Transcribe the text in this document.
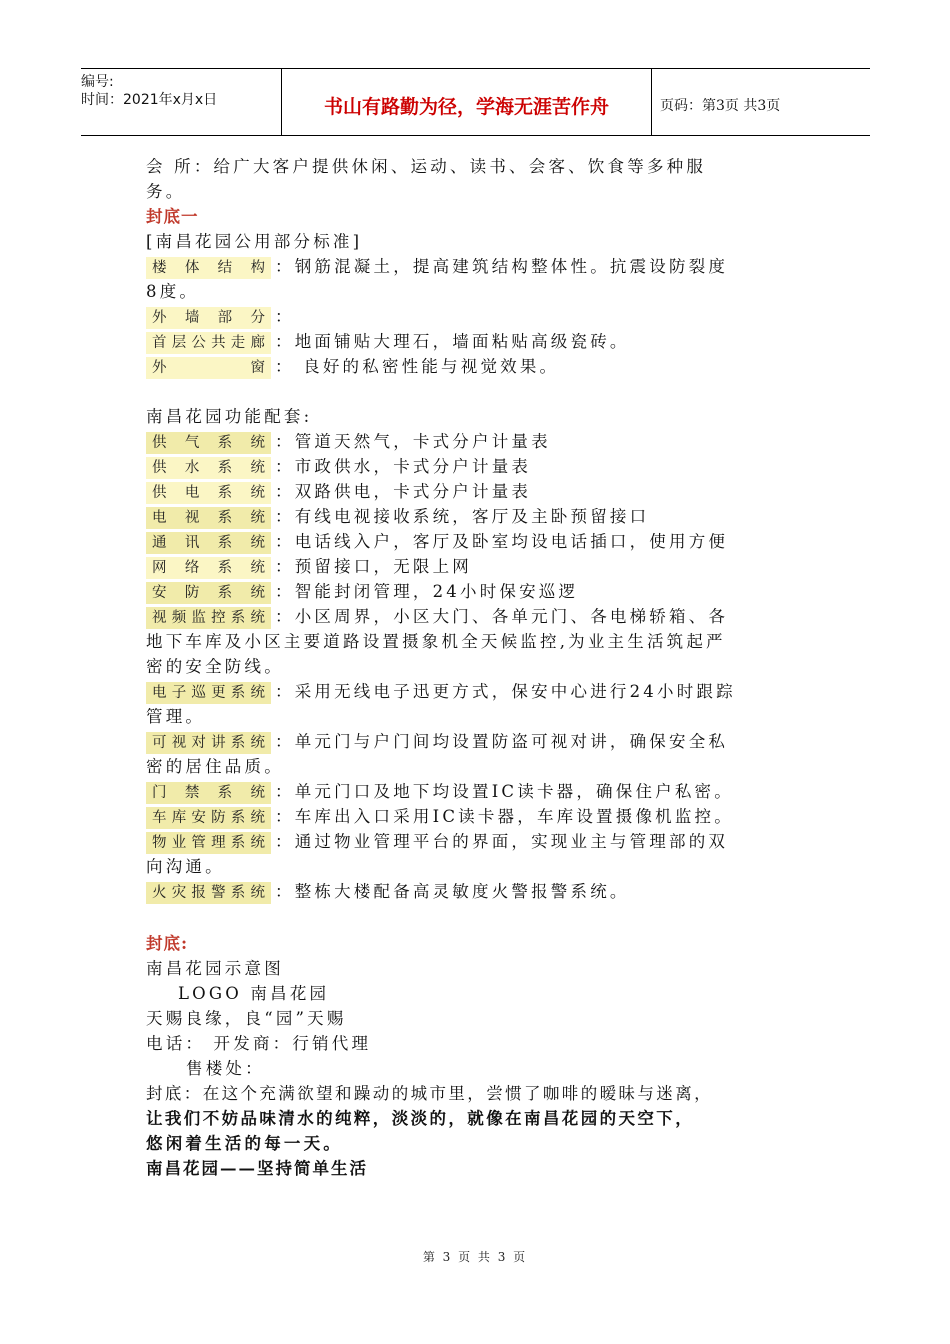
编号:
时间：2021年x月x日	书山有路勤为径，学海无涯苦作舟	页码：第3页 共3页
会 所：给广大客户提供休闲、运动、读书、会客、饮食等多种服
务。
封底一
[南昌花园公用部分标准]
楼 体 结 构 ：钢筋混凝土，提高建筑结构整体性。抗震设防裂度
8度。
外 墙 部 分 ：
首层公共走廊 ：地面铺贴大理石，墙面粘贴高级瓷砖。
外 窗 ： 良好的私密性能与视觉效果。
南昌花园功能配套:
供 气 系 统 ：管道天然气，卡式分户计量表
供 水 系 统 ：市政供水，卡式分户计量表
供 电 系 统 ：双路供电，卡式分户计量表
电 视 系 统 ：有线电视接收系统，客厅及主卧预留接口
通 讯 系 统 ：电话线入户，客厅及卧室均设电话插口，使用方便
网 络 系 统 ：预留接口，无限上网
安 防 系 统 ：智能封闭管理，24小时保安巡逻
视频监控系统 ：小区周界，小区大门、各单元门、各电梯轿箱、各
地下车库及小区主要道路设置摄象机全天候监控,为业主生活筑起严
密的安全防线。
电子巡更系统 ：采用无线电子迅更方式，保安中心进行24小时跟踪
管理。
可视对讲系统 ：单元门与户门间均设置防盗可视对讲，确保安全私
密的居住品质。
门 禁 系 统 ：单元门口及地下均设置IC读卡器，确保住户私密。
车库安防系统 ：车库出入口采用IC读卡器，车库设置摄像机监控。
物业管理系统 ：通过物业管理平台的界面，实现业主与管理部的双
向沟通。
火灾报警系统 ：整栋大楼配备高灵敏度火警报警系统。
封底:
南昌花园示意图
LOGO 南昌花园
天赐良缘，良“园”天赐
电话： 开发商：行销代理
售楼处：
封底：在这个充满欲望和躁动的城市里，尝惯了咖啡的暧昧与迷离，
让我们不妨品味清水的纯粹，淡淡的，就像在南昌花园的天空下，
悠闲着生活的每一天。
南昌花园——坚持简单生活
第 3 页 共 3 页
